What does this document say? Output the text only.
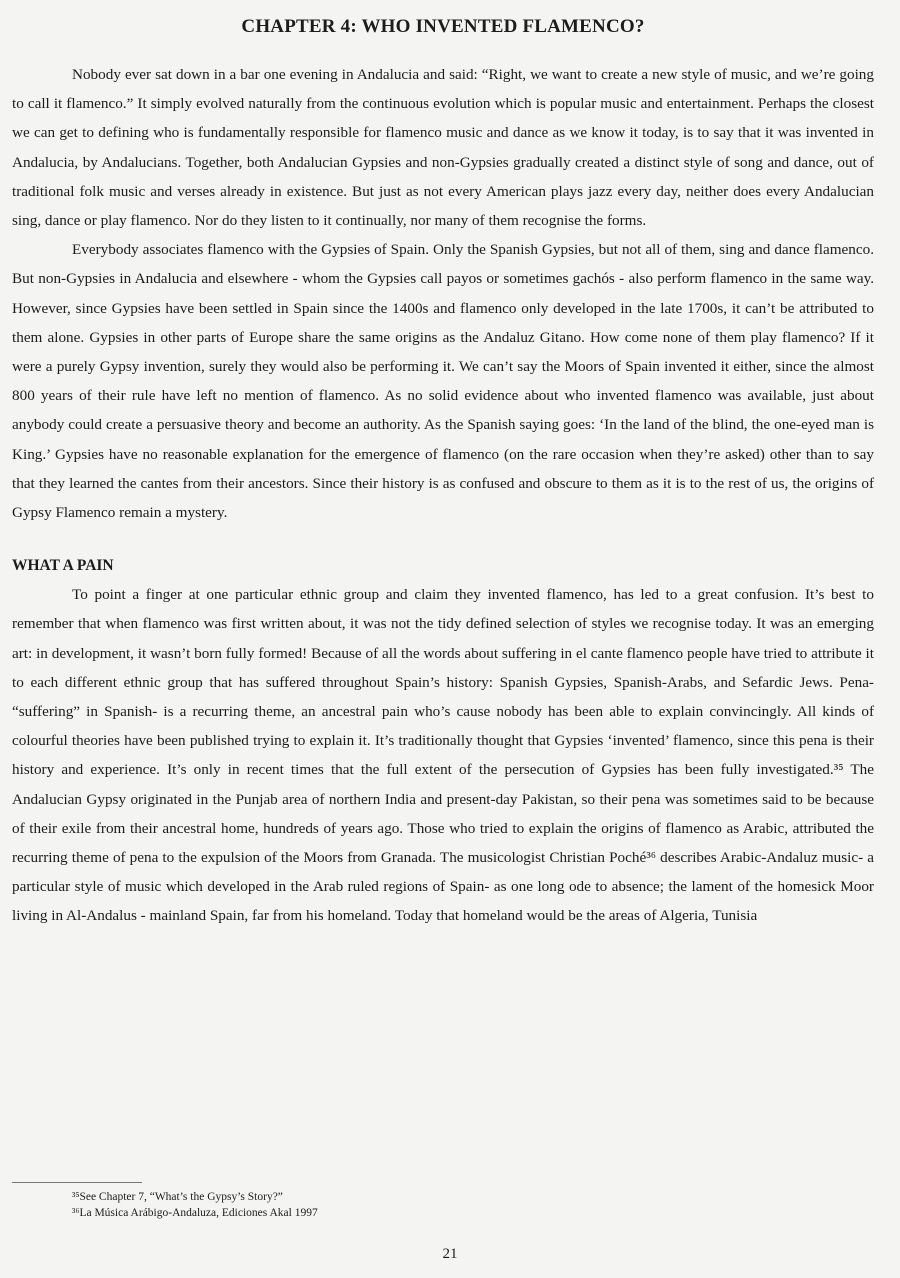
CHAPTER 4: WHO INVENTED FLAMENCO?

Nobody ever sat down in a bar one evening in Andalucia and said: “Right, we want to create a new style of music, and we’re going to call it flamenco.” It simply evolved naturally from the continuous evolution which is popular music and entertainment. Perhaps the closest we can get to defining who is fundamentally responsible for flamenco music and dance as we know it today, is to say that it was invented in Andalucia, by Andalucians. Together, both Andalucian Gypsies and non-Gypsies gradually created a distinct style of song and dance, out of traditional folk music and verses already in existence. But just as not every American plays jazz every day, neither does every Andalucian sing, dance or play flamenco. Nor do they listen to it continually, nor many of them recognise the forms.

Everybody associates flamenco with the Gypsies of Spain. Only the Spanish Gypsies, but not all of them, sing and dance flamenco. But non-Gypsies in Andalucia and elsewhere - whom the Gypsies call payos or sometimes gachós - also perform flamenco in the same way. However, since Gypsies have been settled in Spain since the 1400s and flamenco only developed in the late 1700s, it can’t be attributed to them alone. Gypsies in other parts of Europe share the same origins as the Andaluz Gitano. How come none of them play flamenco? If it were a purely Gypsy invention, surely they would also be performing it. We can’t say the Moors of Spain invented it either, since the almost 800 years of their rule have left no mention of flamenco. As no solid evidence about who invented flamenco was available, just about anybody could create a persuasive theory and become an authority. As the Spanish saying goes: ‘In the land of the blind, the one-eyed man is King.’ Gypsies have no reasonable explanation for the emergence of flamenco (on the rare occasion when they’re asked) other than to say that they learned the cantes from their ancestors. Since their history is as confused and obscure to them as it is to the rest of us, the origins of Gypsy Flamenco remain a mystery.

WHAT A PAIN

To point a finger at one particular ethnic group and claim they invented flamenco, has led to a great confusion. It’s best to remember that when flamenco was first written about, it was not the tidy defined selection of styles we recognise today. It was an emerging art: in development, it wasn’t born fully formed! Because of all the words about suffering in el cante flamenco people have tried to attribute it to each different ethnic group that has suffered throughout Spain’s history: Spanish Gypsies, Spanish-Arabs, and Sefardic Jews. Pena- “suffering” in Spanish- is a recurring theme, an ancestral pain who’s cause nobody has been able to explain convincingly. All kinds of colourful theories have been published trying to explain it. It’s traditionally thought that Gypsies ‘invented’ flamenco, since this pena is their history and experience. It’s only in recent times that the full extent of the persecution of Gypsies has been fully investigated.³⁵ The Andalucian Gypsy originated in the Punjab area of northern India and present-day Pakistan, so their pena was sometimes said to be because of their exile from their ancestral home, hundreds of years ago. Those who tried to explain the origins of flamenco as Arabic, attributed the recurring theme of pena to the expulsion of the Moors from Granada. The musicologist Christian Poché³⁶ describes Arabic-Andaluz music- a particular style of music which developed in the Arab ruled regions of Spain- as one long ode to absence; the lament of the homesick Moor living in Al-Andalus - mainland Spain, far from his homeland. Today that homeland would be the areas of Algeria, Tunisia

³⁵See Chapter 7, “What’s the Gypsy’s Story?”

³⁶La Música Arábigo-Andaluza, Ediciones Akal 1997

21
